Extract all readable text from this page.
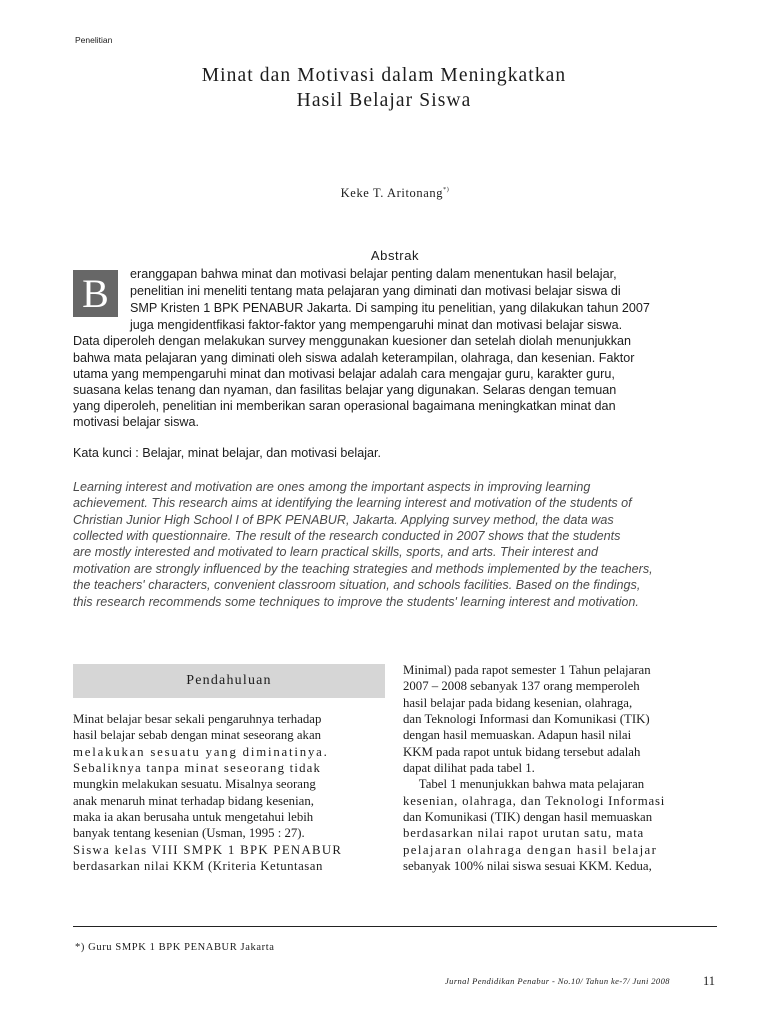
Penelitian
Minat dan Motivasi dalam Meningkatkan
Hasil Belajar Siswa
Keke T. Aritonang*)
Abstrak
B	eranggapan bahwa minat dan motivasi belajar penting dalam menentukan hasil belajar,
penelitian ini meneliti tentang mata pelajaran yang diminati dan motivasi belajar siswa di
SMP Kristen 1 BPK PENABUR Jakarta. Di samping itu penelitian, yang dilakukan tahun 2007
juga mengidentfikasi faktor-faktor yang mempengaruhi minat dan motivasi belajar siswa.
Data diperoleh dengan melakukan survey menggunakan kuesioner dan setelah diolah menunjukkan
bahwa mata pelajaran yang diminati oleh siswa adalah keterampilan, olahraga, dan kesenian. Faktor
utama yang mempengaruhi minat dan motivasi belajar adalah cara mengajar guru, karakter guru,
suasana kelas tenang dan nyaman, dan fasilitas belajar yang digunakan. Selaras dengan temuan
yang diperoleh, penelitian ini memberikan saran operasional bagaimana meningkatkan minat dan
motivasi belajar siswa.
Kata kunci : Belajar, minat belajar, dan motivasi belajar.
Learning interest and motivation are ones among the important aspects in improving learning
achievement. This research aims at identifying the learning interest and motivation of the students of
Christian Junior High School I of BPK PENABUR, Jakarta. Applying survey method, the data was
collected with questionnaire. The result of the research conducted in 2007 shows that the students
are mostly interested and motivated to learn practical skills, sports, and arts. Their interest and
motivation are strongly influenced by the teaching strategies and methods implemented by the teachers,
the teachers' characters, convenient classroom situation, and schools facilities. Based on the findings,
this research recommends some techniques to improve the students' learning interest and motivation.
Pendahuluan
Minat belajar besar sekali pengaruhnya terhadap
hasil belajar sebab dengan minat seseorang akan
melakukan sesuatu yang diminatinya.
Sebaliknya tanpa minat seseorang tidak
mungkin melakukan sesuatu. Misalnya seorang
anak menaruh minat terhadap bidang kesenian,
maka ia akan berusaha untuk mengetahui lebih
banyak tentang kesenian (Usman, 1995 : 27).
Siswa kelas VIII SMPK 1 BPK PENABUR
berdasarkan nilai KKM (Kriteria Ketuntasan
Minimal) pada rapot semester 1 Tahun pelajaran
2007 – 2008 sebanyak 137 orang memperoleh
hasil belajar pada bidang kesenian, olahraga,
dan Teknologi Informasi dan Komunikasi (TIK)
dengan hasil memuaskan. Adapun hasil nilai
KKM pada rapot untuk bidang tersebut adalah
dapat dilihat pada tabel 1.
Tabel 1 menunjukkan bahwa mata pelajaran
kesenian, olahraga, dan Teknologi Informasi
dan Komunikasi (TIK) dengan hasil memuaskan
berdasarkan nilai rapot urutan satu, mata
pelajaran olahraga dengan hasil belajar
sebanyak 100% nilai siswa sesuai KKM. Kedua,
*) Guru SMPK 1 BPK PENABUR Jakarta
Jurnal Pendidikan Penabur - No.10/ Tahun ke-7/ Juni 2008	11
